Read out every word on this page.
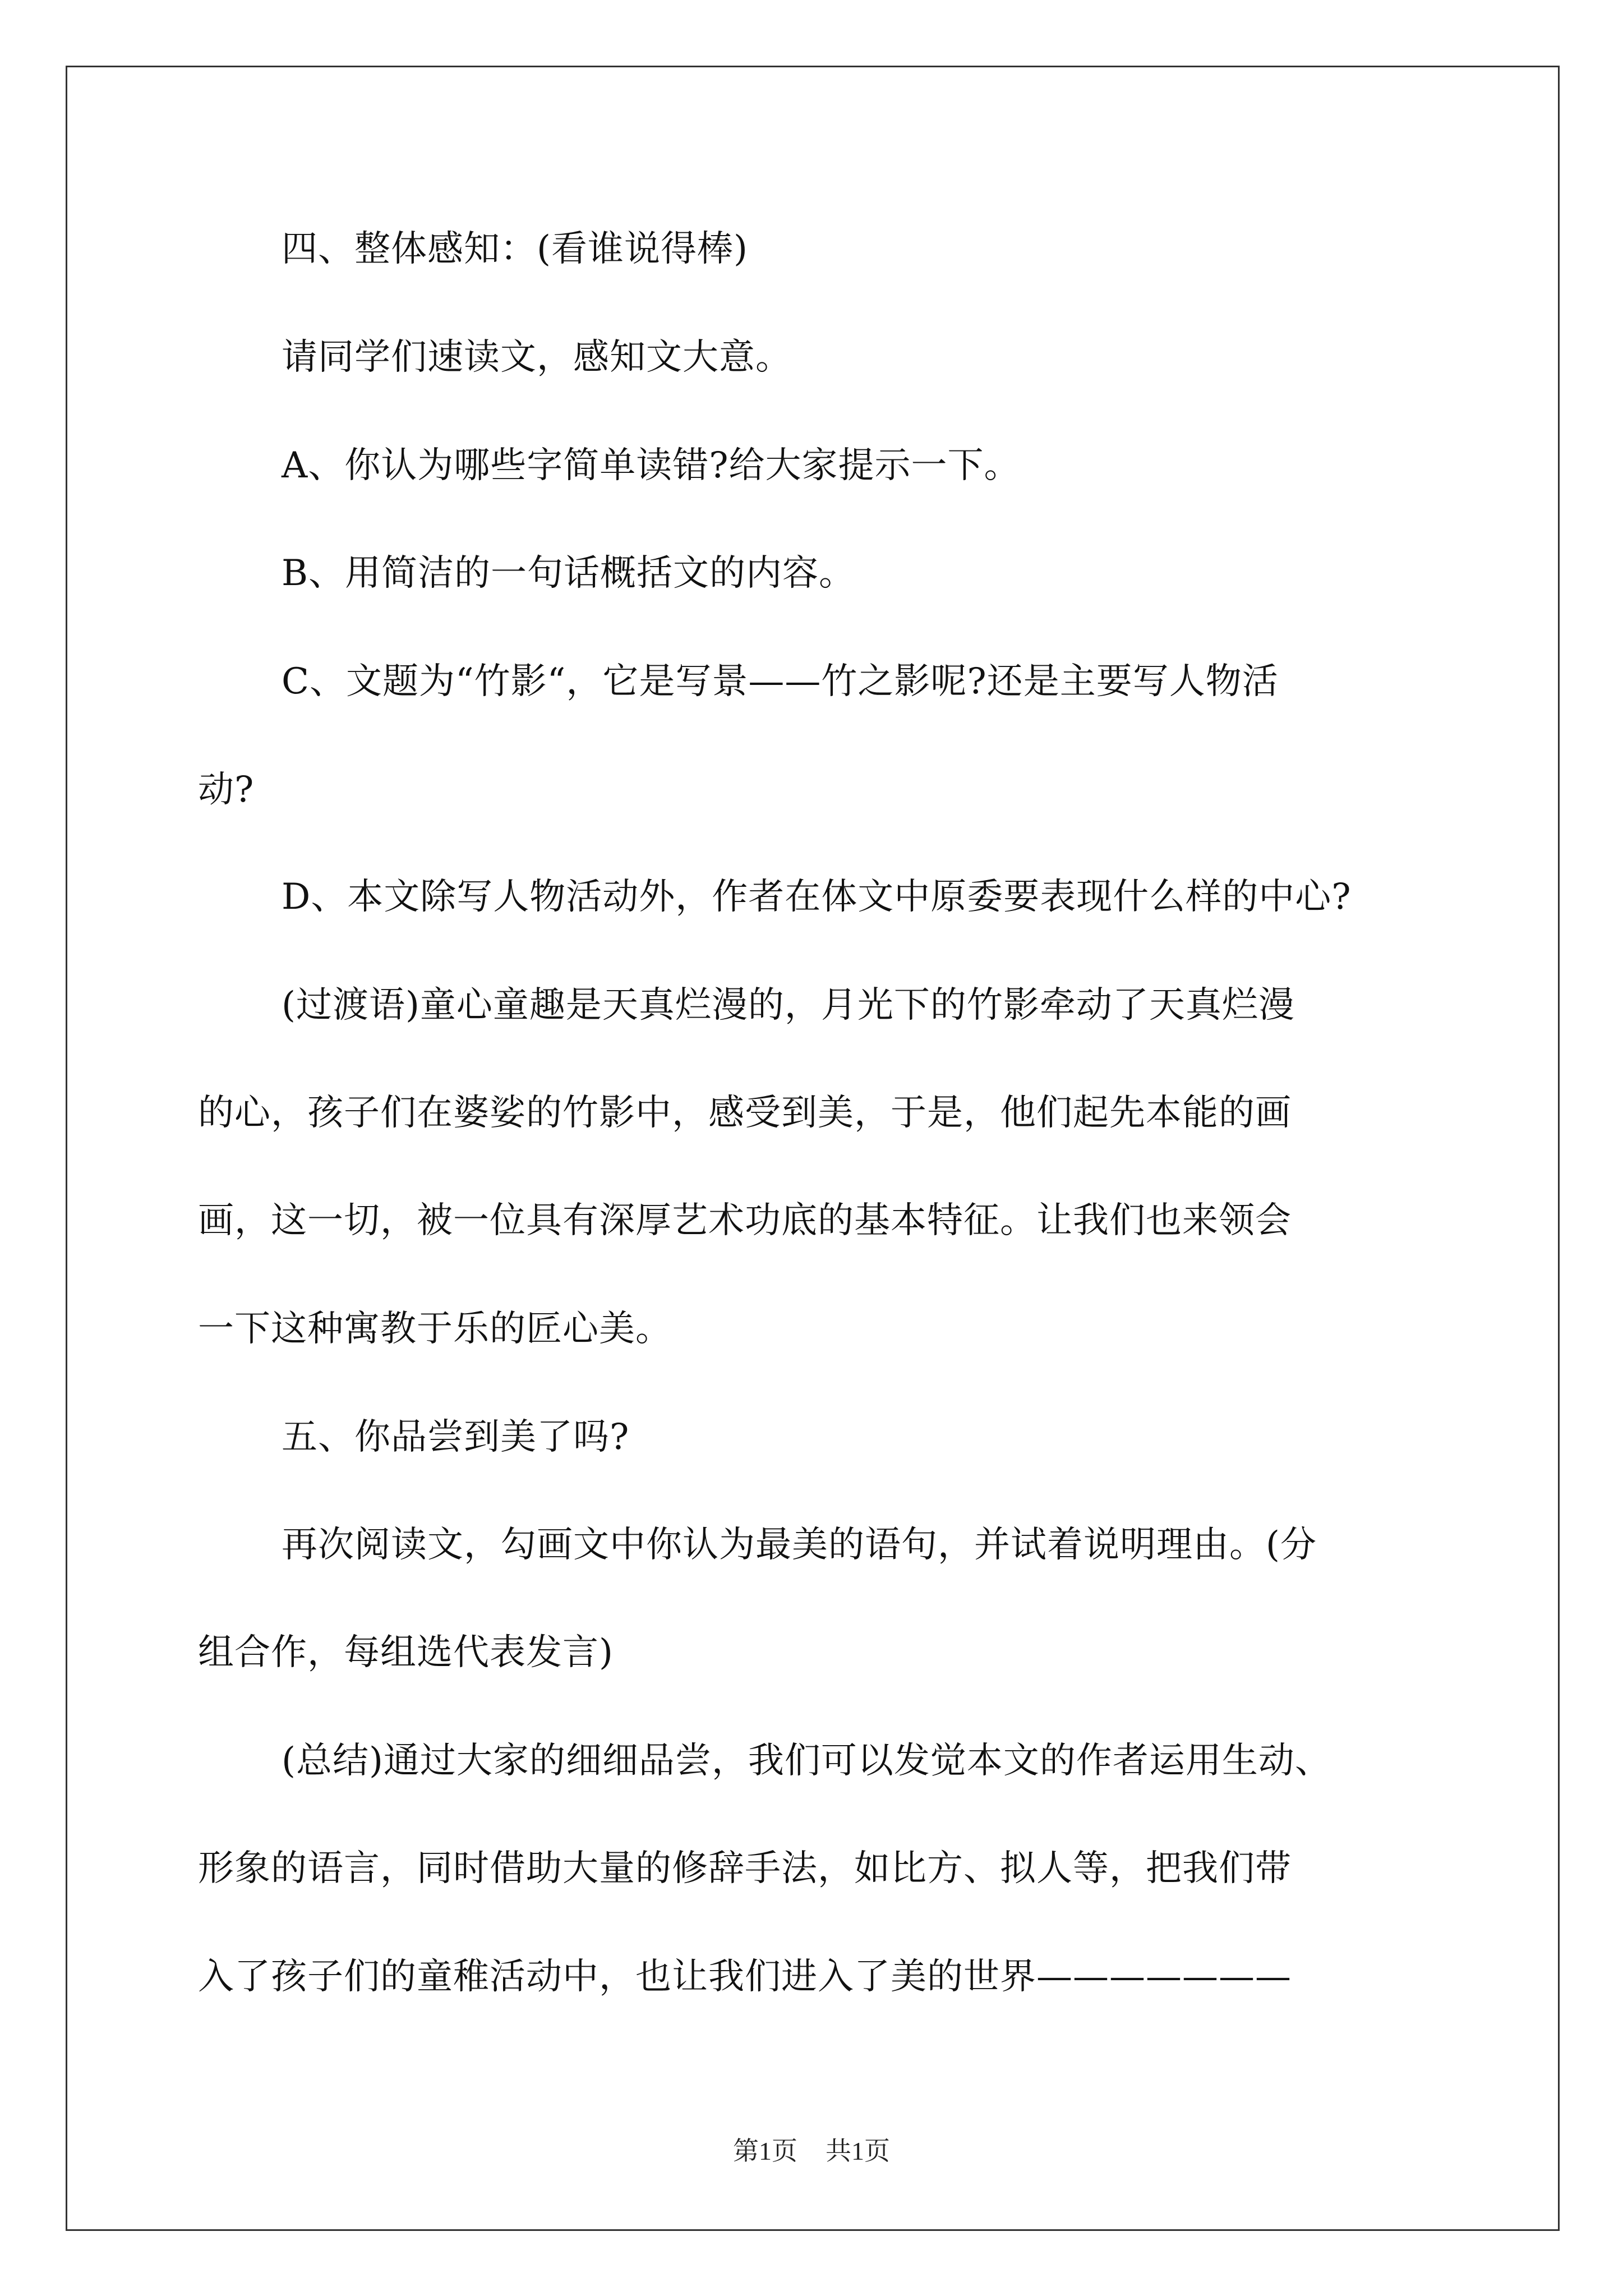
四、整体感知：(看谁说得棒)
请同学们速读文，感知文大意。
A、你认为哪些字简单读错?给大家提示一下。
B、用简洁的一句话概括文的内容。
C、文题为“竹影“，它是写景——竹之影呢?还是主要写人物活
动?
D、本文除写人物活动外，作者在体文中原委要表现什么样的中心?
(过渡语)童心童趣是天真烂漫的，月光下的竹影牵动了天真烂漫
的心，孩子们在婆娑的竹影中，感受到美，于是，他们起先本能的画
画，这一切，被一位具有深厚艺术功底的基本特征。让我们也来领会
一下这种寓教于乐的匠心美。
五、你品尝到美了吗?
再次阅读文，勾画文中你认为最美的语句，并试着说明理由。(分
组合作，每组选代表发言)
(总结)通过大家的细细品尝，我们可以发觉本文的作者运用生动、
形象的语言，同时借助大量的修辞手法，如比方、拟人等，把我们带
入了孩子们的童稚活动中，也让我们进入了美的世界———————
第1页 共1页
